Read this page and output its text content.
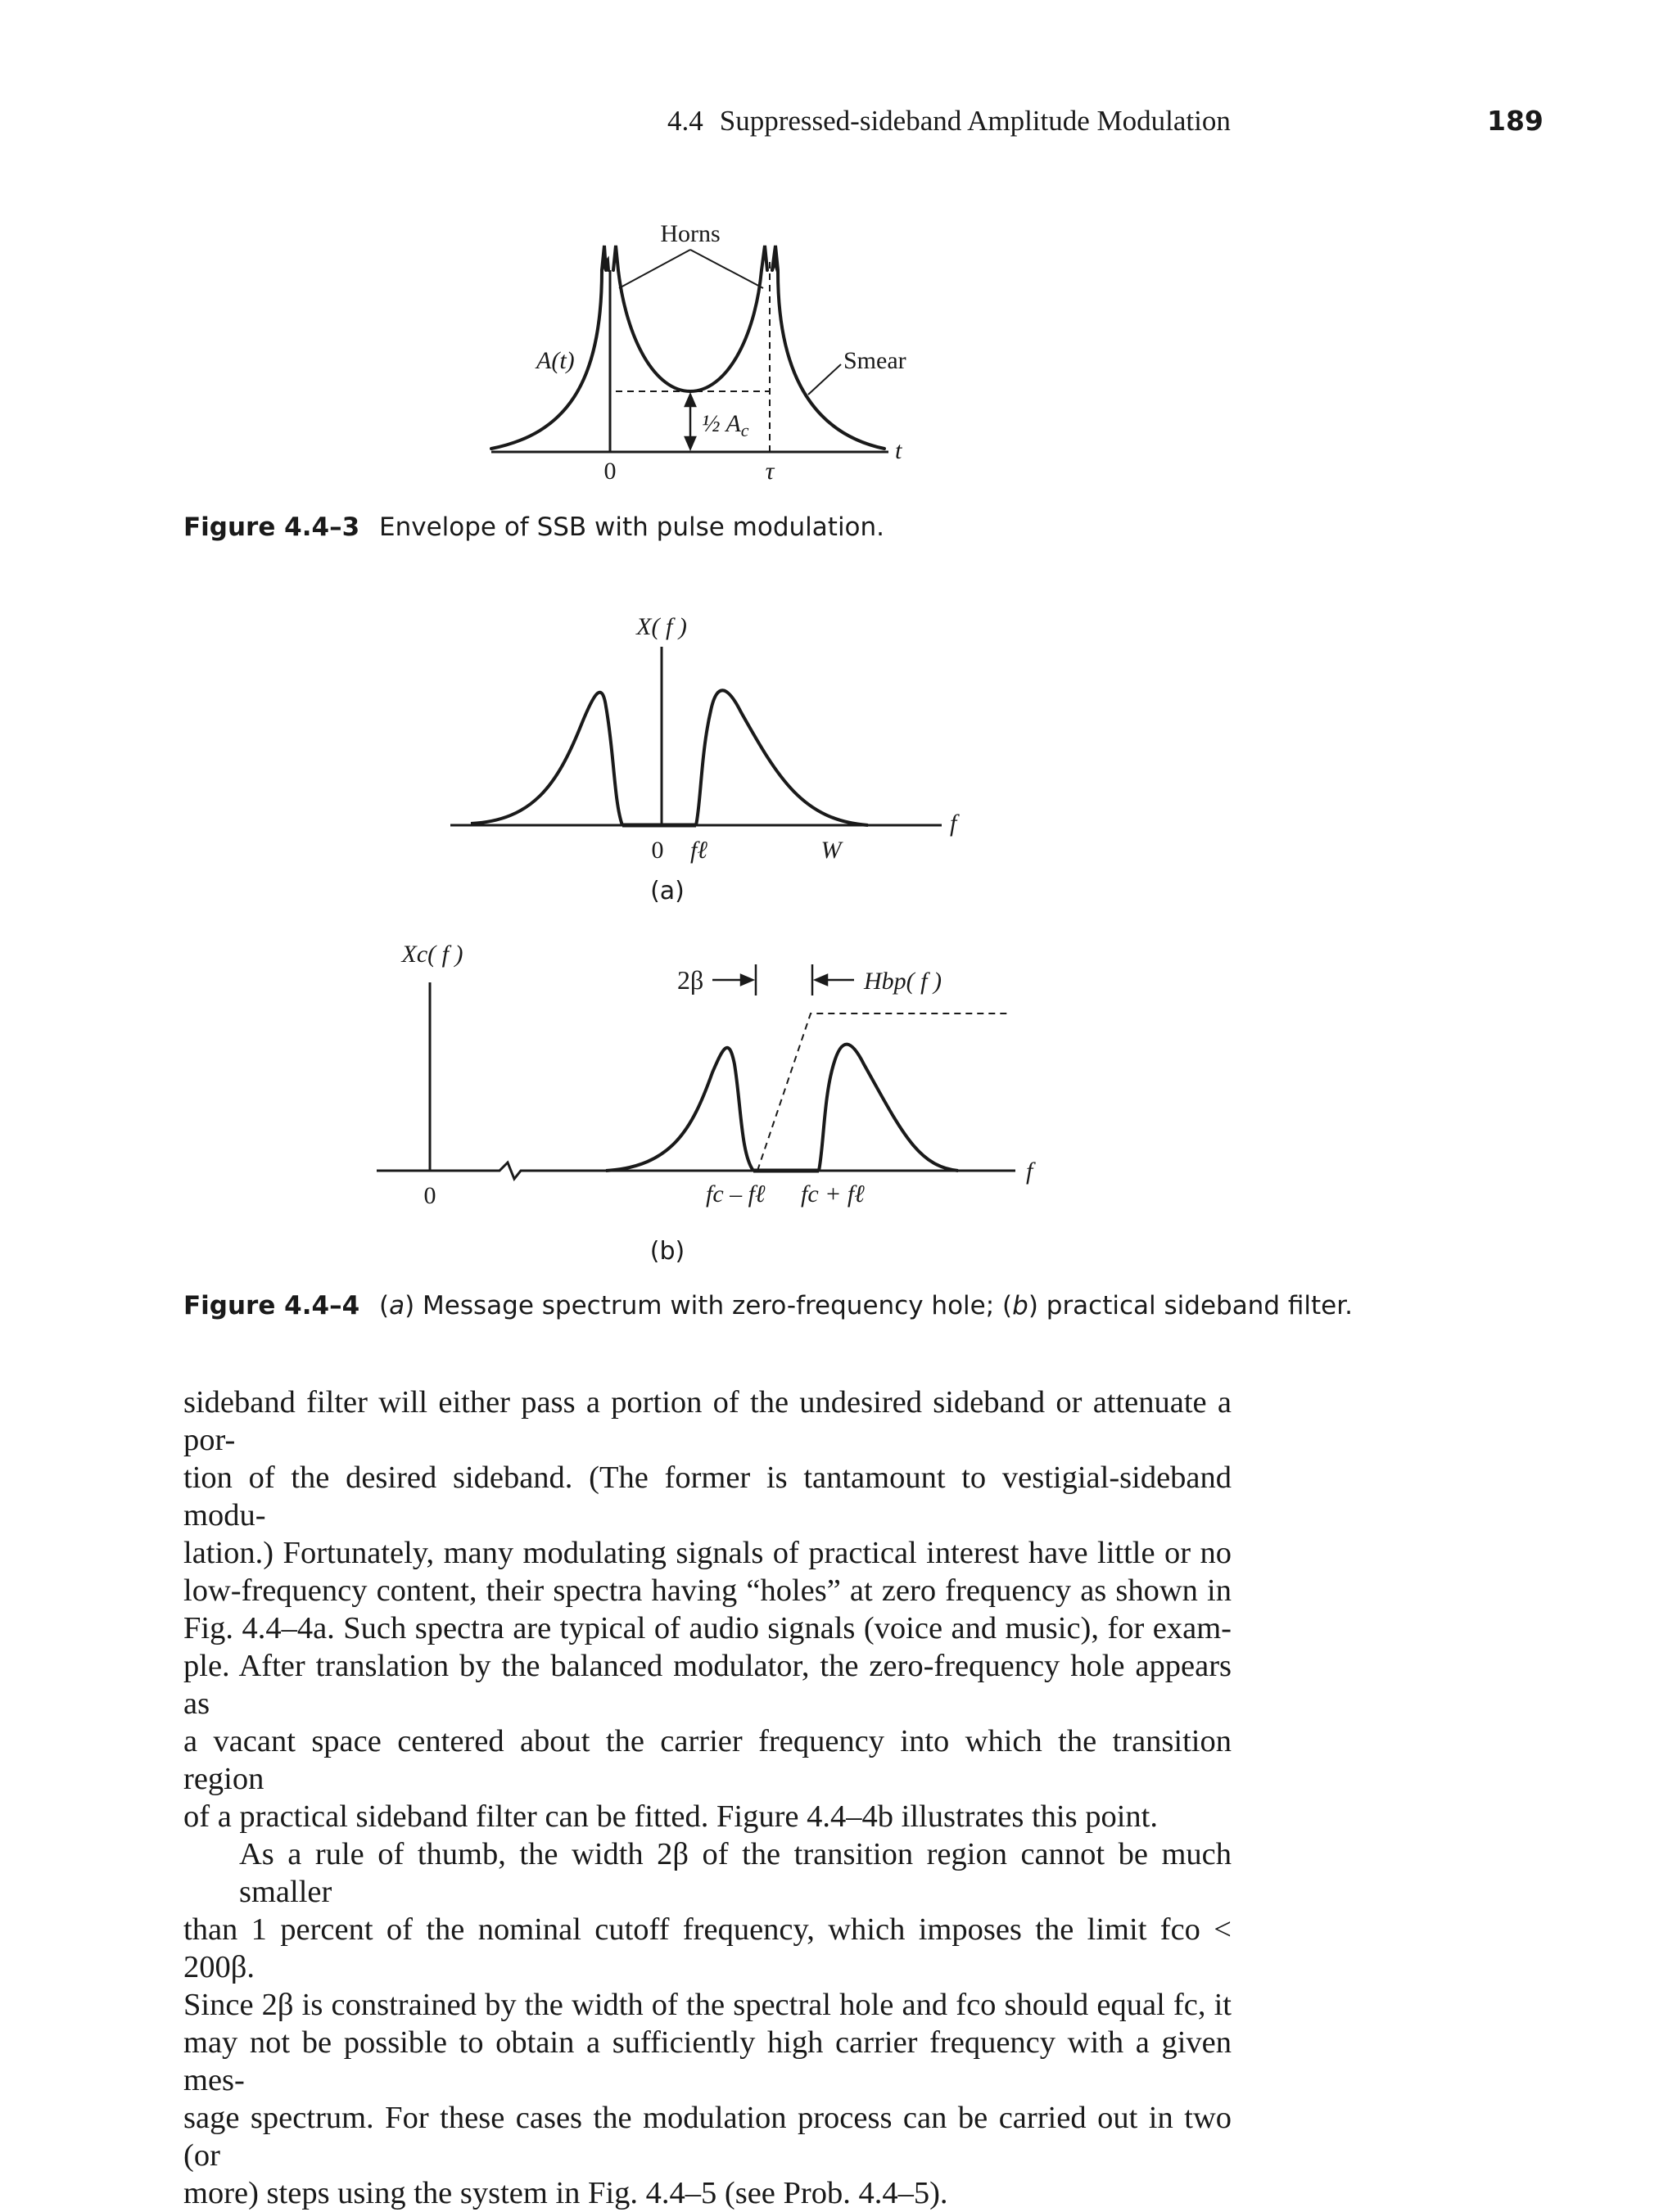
4.4 Suppressed-sideband Amplitude Modulation	189
Horns
Smear
A(t)
½ $A_c$
0	τ
t
Figure 4.4–3 Envelope of SSB with pulse modulation.
X( f )
0 fℓ	W
f
(a)
Xc( f )
2β	Hbp( f )
0	fc – fℓ fc + fℓ
f
(b)
Figure 4.4–4 (a) Message spectrum with zero-frequency hole; (b) practical sideband filter.

sideband filter will either pass a portion of the undesired sideband or attenuate a por-
tion of the desired sideband. (The former is tantamount to vestigial-sideband modu-
lation.) Fortunately, many modulating signals of practical interest have little or no
low-frequency content, their spectra having “holes” at zero frequency as shown in
Fig. 4.4–4a. Such spectra are typical of audio signals (voice and music), for exam-
ple. After translation by the balanced modulator, the zero-frequency hole appears as
a vacant space centered about the carrier frequency into which the transition region
of a practical sideband filter can be fitted. Figure 4.4–4b illustrates this point.

As a rule of thumb, the width 2β of the transition region cannot be much smaller
than 1 percent of the nominal cutoff frequency, which imposes the limit fco < 200β.
Since 2β is constrained by the width of the spectral hole and fco should equal fc, it
may not be possible to obtain a sufficiently high carrier frequency with a given mes-
sage spectrum. For these cases the modulation process can be carried out in two (or
more) steps using the system in Fig. 4.4–5 (see Prob. 4.4–5).
